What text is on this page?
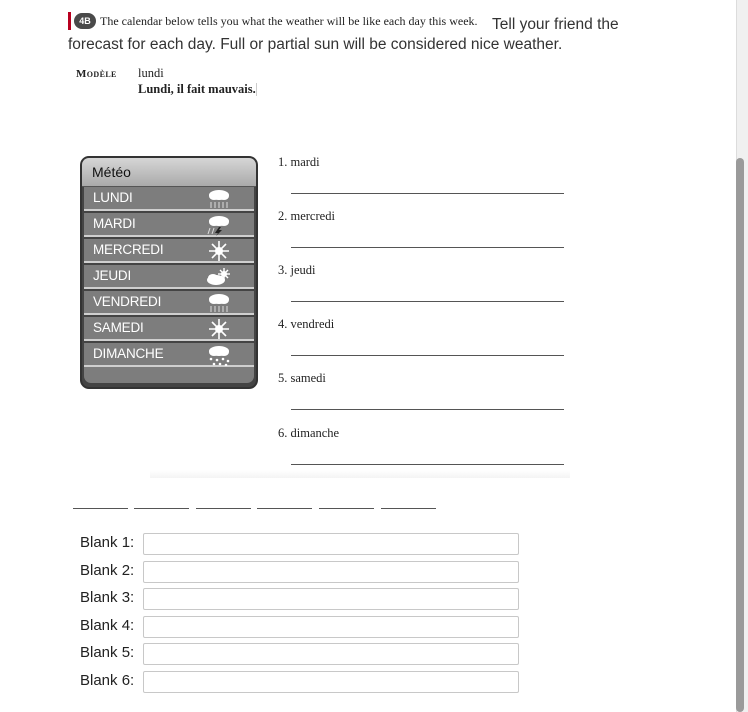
4B The calendar below tells you what the weather will be like each day this week. Tell your friend the
forecast for each day. Full or partial sun will be considered nice weather.
Modèle lundi
Lundi, il fait mauvais.
Météo
LUNDI
MARDI
MERCREDI
JEUDI
VENDREDI
SAMEDI
DIMANCHE
1. mardi
2. mercredi
3. jeudi
4. vendredi
5. samedi
6. dimanche
Blank 1:
Blank 2:
Blank 3:
Blank 4:
Blank 5:
Blank 6:
